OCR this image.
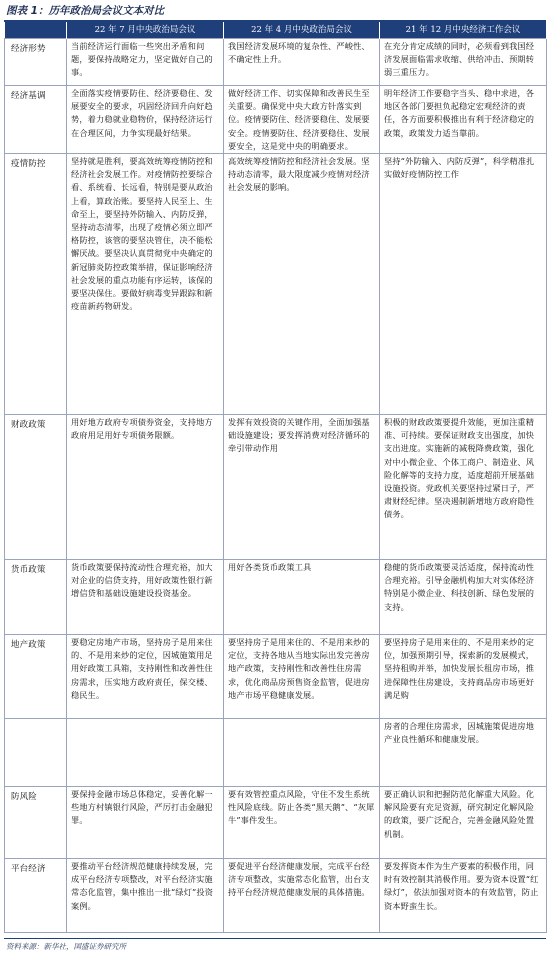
图表 1：历年政治局会议文本对比
	22 年 7 月中央政治局会议	22 年 4 月中央政治局会议	21 年 12 月中央经济工作会议
经济形势	当前经济运行面临一些突出矛盾和问题，要保持战略定力，坚定做好自己的事。	我国经济发展环境的复杂性、严峻性、不确定性上升。	在充分肯定成绩的同时，必须看到我国经济发展面临需求收缩、供给冲击、预期转弱三重压力。
经济基调	全面落实疫情要防住、经济要稳住、发展要安全的要求，巩固经济回升向好趋势，着力稳就业稳物价，保持经济运行在合理区间，力争实现最好结果。	做好经济工作、切实保障和改善民生至关重要。确保党中央大政方针落实到位。疫情要防住、经济要稳住、发展要安全。疫情要防住、经济要稳住、发展要安全，这是党中央的明确要求。	明年经济工作要稳字当头、稳中求进，各地区各部门要担负起稳定宏观经济的责任，各方面要积极推出有利于经济稳定的政策，政策发力适当靠前。
疫情防控	坚持就是胜利，要高效统筹疫情防控和经济社会发展工作。对疫情防控要综合看、系统看、长远看，特别是要从政治上看，算政治账。要坚持人民至上、生命至上，要坚持外防输入、内防反弹，坚持动态清零，出现了疫情必须立即严格防控，该管的要坚决管住，决不能松懈厌战。要坚决认真贯彻党中央确定的新冠肺炎防控政策举措，保证影响经济社会发展的重点功能有序运转，该保的要坚决保住。要做好病毒变异跟踪和新疫苗新药物研发。	高效统筹疫情防控和经济社会发展。坚持动态清零，最大限度减少疫情对经济社会发展的影响。	坚持“外防输入、内防反弹”，科学精准扎实做好疫情防控工作
财政政策	用好地方政府专项债券资金，支持地方政府用足用好专项债务限额。	发挥有效投资的关键作用，全面加强基础设施建设；要发挥消费对经济循环的牵引带动作用	积极的财政政策要提升效能，更加注重精准、可持续。要保证财政支出强度，加快支出进度。实施新的减税降费政策，强化对中小微企业、个体工商户、制造业、风险化解等的支持力度，适度超前开展基础设施投资。党政机关要坚持过紧日子，严肃财经纪律。坚决遏制新增地方政府隐性债务。
货币政策	货币政策要保持流动性合理充裕，加大对企业的信贷支持，用好政策性银行新增信贷和基础设施建设投资基金。	用好各类货币政策工具	稳健的货币政策要灵活适度，保持流动性合理充裕。引导金融机构加大对实体经济特别是小微企业、科技创新、绿色发展的支持。
地产政策	要稳定房地产市场，坚持房子是用来住的、不是用来炒的定位，因城施策用足用好政策工具箱，支持刚性和改善性住房需求，压实地方政府责任，保交楼、稳民生。	要坚持房子是用来住的、不是用来炒的定位，支持各地从当地实际出发完善房地产政策，支持刚性和改善性住房需求，优化商品房预售资金监管，促进房地产市场平稳健康发展。	要坚持房子是用来住的、不是用来炒的定位，加强预期引导，探索新的发展模式，坚持租购并举，加快发展长租房市场，推进保障性住房建设，支持商品房市场更好满足购
			房者的合理住房需求，因城施策促进房地产业良性循环和健康发展。
防风险	要保持金融市场总体稳定，妥善化解一些地方村镇银行风险，严厉打击金融犯罪。	要有效管控重点风险，守住不发生系统性风险底线。防止各类“黑天鹅”、“灰犀牛”事件发生。	要正确认识和把握防范化解重大风险。化解风险要有充足资源，研究制定化解风险的政策，要广泛配合，完善金融风险处置机制。
平台经济	要推动平台经济规范健康持续发展，完成平台经济专项整改，对平台经济实施常态化监管，集中推出一批“绿灯”投资案例。	要促进平台经济健康发展，完成平台经济专项整改，实施常态化监管，出台支持平台经济规范健康发展的具体措施。	要发挥资本作为生产要素的积极作用，同时有效控制其消极作用。要为资本设置“红绿灯”，依法加强对资本的有效监管，防止资本野蛮生长。
资料来源：新华社，国盛证券研究所
